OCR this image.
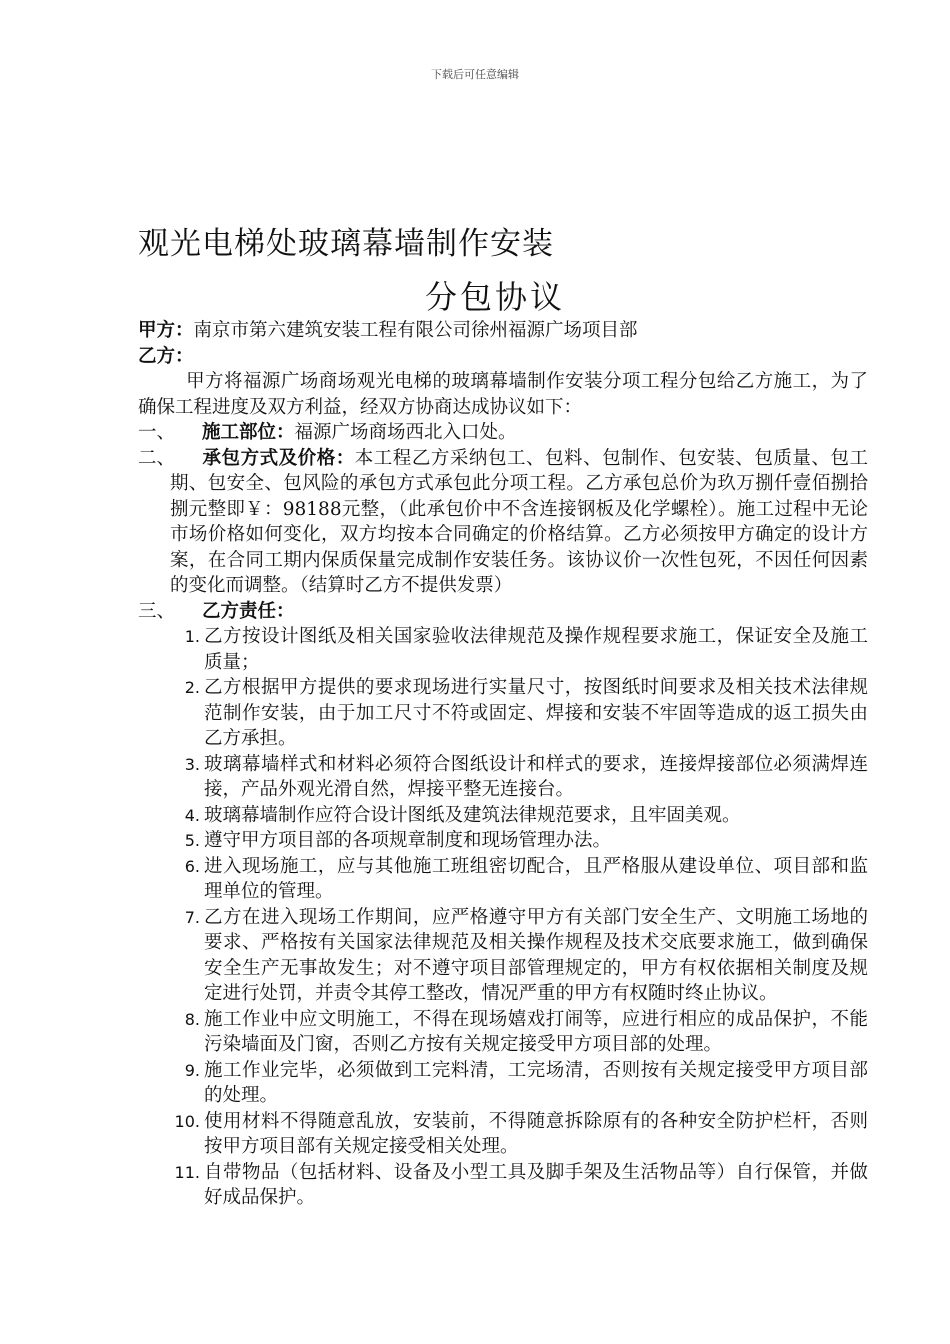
下载后可任意编辑
观光电梯处玻璃幕墙制作安装
分包协议
甲方：南京市第六建筑安装工程有限公司徐州福源广场项目部
乙方：

甲方将福源广场商场观光电梯的玻璃幕墙制作安装分项工程分包给乙方施工，为了确保工程进度及双方利益，经双方协商达成协议如下：

一、 施工部位：福源广场商场西北入口处。
二、 承包方式及价格：本工程乙方采纳包工、包料、包制作、包安装、包质量、包工期、包安全、包风险的承包方式承包此分项工程。乙方承包总价为玖万捌仟壹佰捌拾捌元整即￥：98188元整，（此承包价中不含连接钢板及化学螺栓）。施工过程中无论市场价格如何变化，双方均按本合同确定的价格结算。乙方必须按甲方确定的设计方案，在合同工期内保质保量完成制作安装任务。该协议价一次性包死，不因任何因素的变化而调整。（结算时乙方不提供发票）
三、 乙方责任：
1. 乙方按设计图纸及相关国家验收法律规范及操作规程要求施工，保证安全及施工质量；
2. 乙方根据甲方提供的要求现场进行实量尺寸，按图纸时间要求及相关技术法律规范制作安装，由于加工尺寸不符或固定、焊接和安装不牢固等造成的返工损失由乙方承担。
3. 玻璃幕墙样式和材料必须符合图纸设计和样式的要求，连接焊接部位必须满焊连接，产品外观光滑自然，焊接平整无连接台。
4. 玻璃幕墙制作应符合设计图纸及建筑法律规范要求，且牢固美观。
5. 遵守甲方项目部的各项规章制度和现场管理办法。
6. 进入现场施工，应与其他施工班组密切配合，且严格服从建设单位、项目部和监理单位的管理。
7. 乙方在进入现场工作期间，应严格遵守甲方有关部门安全生产、文明施工场地的要求、严格按有关国家法律规范及相关操作规程及技术交底要求施工，做到确保安全生产无事故发生；对不遵守项目部管理规定的，甲方有权依据相关制度及规定进行处罚，并责令其停工整改，情况严重的甲方有权随时终止协议。
8. 施工作业中应文明施工，不得在现场嬉戏打闹等，应进行相应的成品保护，不能污染墙面及门窗，否则乙方按有关规定接受甲方项目部的处理。
9. 施工作业完毕，必须做到工完料清，工完场清，否则按有关规定接受甲方项目部的处理。
10. 使用材料不得随意乱放，安装前，不得随意拆除原有的各种安全防护栏杆，否则按甲方项目部有关规定接受相关处理。
11. 自带物品（包括材料、设备及小型工具及脚手架及生活物品等）自行保管，并做好成品保护。
